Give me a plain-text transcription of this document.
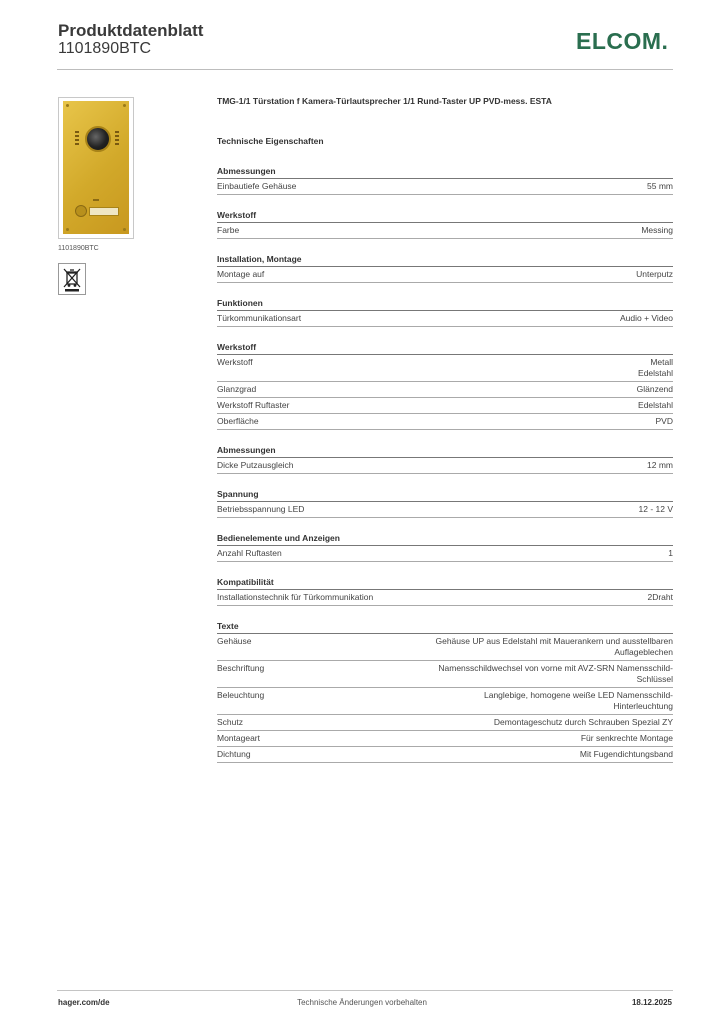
Produktdatenblatt
1101890BTC	ELCOM.
1101890BTC
TMG-1/1 Türstation f Kamera-Türlautsprecher 1/1 Rund-Taster UP PVD-mess. ESTA
Technische Eigenschaften
Abmessungen
Einbautiefe Gehäuse	55 mm
Werkstoff
Farbe	Messing
Installation, Montage
Montage auf	Unterputz
Funktionen
Türkommunikationsart	Audio + Video
Werkstoff
Werkstoff	Metall
Edelstahl
Glanzgrad	Glänzend
Werkstoff Ruftaster	Edelstahl
Oberfläche	PVD
Abmessungen
Dicke Putzausgleich	12 mm
Spannung
Betriebsspannung LED	12 - 12 V
Bedienelemente und Anzeigen
Anzahl Ruftasten	1
Kompatibilität
Installationstechnik für Türkommunikation	2Draht
Texte
Gehäuse	Gehäuse UP aus Edelstahl mit Mauerankern und ausstellbaren
Auflageblechen
Beschriftung	Namensschildwechsel von vorne mit AVZ-SRN Namensschild-
Schlüssel
Beleuchtung	Langlebige, homogene weiße LED Namensschild-
Hinterleuchtung
Schutz	Demontageschutz durch Schrauben Spezial ZY
Montageart	Für senkrechte Montage
Dichtung	Mit Fugendichtungsband
hager.com/de	Technische Änderungen vorbehalten	18.12.2025
